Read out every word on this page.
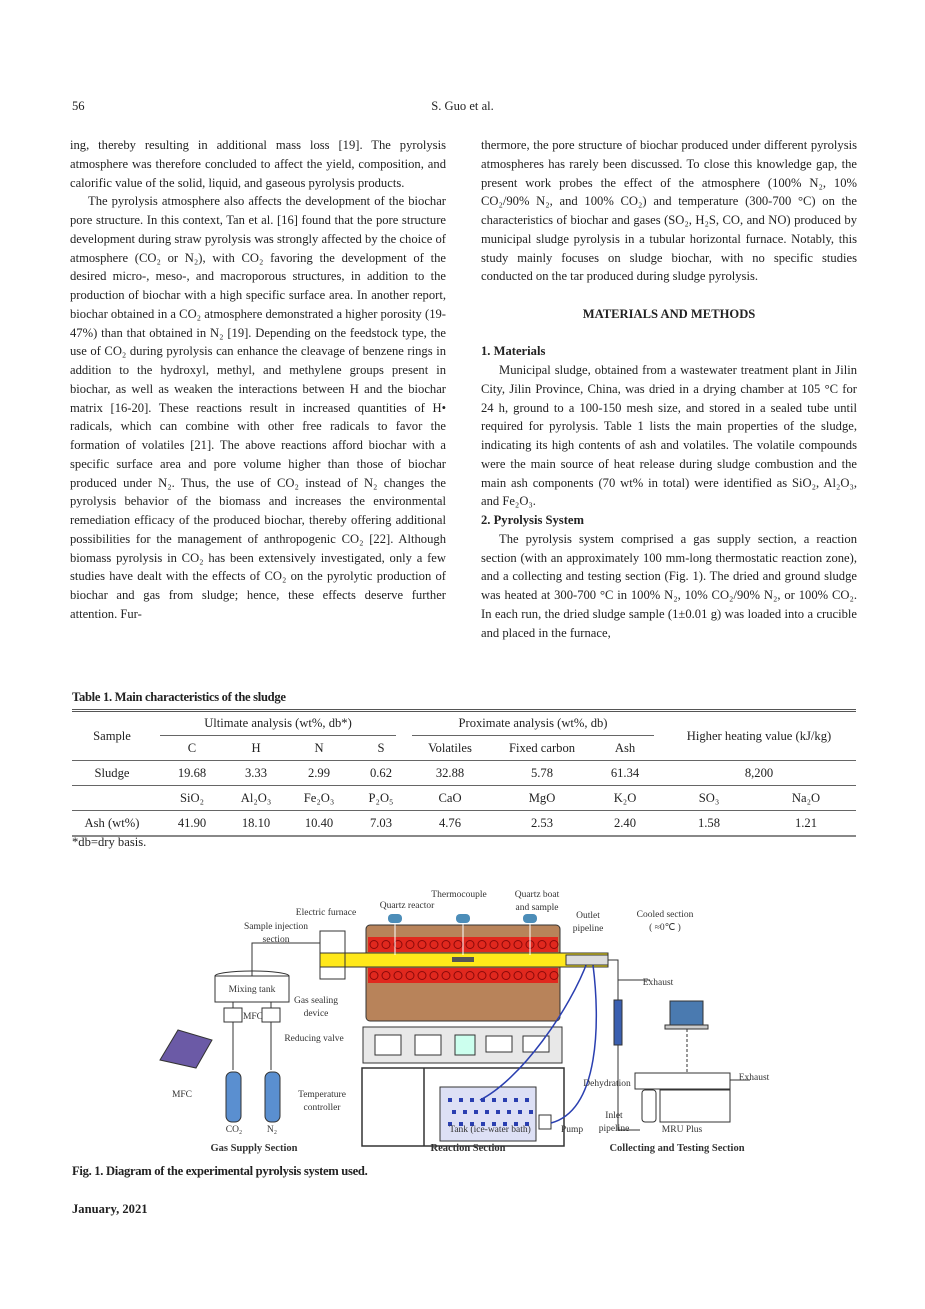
56	S. Guo et al.

ing, thereby resulting in additional mass loss [19]. The pyrolysis atmosphere was therefore concluded to affect the yield, composition, and calorific value of the solid, liquid, and gaseous pyrolysis products.

The pyrolysis atmosphere also affects the development of the biochar pore structure. In this context, Tan et al. [16] found that the pore structure development during straw pyrolysis was strongly affected by the choice of atmosphere (CO₂ or N₂), with CO₂ favoring the development of the desired micro-, meso-, and macroporous structures, in addition to the production of biochar with a high specific surface area. In another report, biochar obtained in a CO₂ atmosphere demonstrated a higher porosity (19-47%) than that obtained in N₂ [19]. Depending on the feedstock type, the use of CO₂ during pyrolysis can enhance the cleavage of benzene rings in addition to the hydroxyl, methyl, and methylene groups present in biochar, as well as weaken the interactions between H and the biochar matrix [16-20]. These reactions result in increased quantities of H• radicals, which can combine with other free radicals to favor the formation of volatiles [21]. The above reactions afford biochar with a specific surface area and pore volume higher than those of biochar produced under N₂. Thus, the use of CO₂ instead of N₂ changes the pyrolysis behavior of the biomass and increases the environmental remediation efficacy of the produced biochar, thereby offering additional possibilities for the management of anthropogenic CO₂ [22]. Although biomass pyrolysis in CO₂ has been extensively investigated, only a few studies have dealt with the effects of CO₂ on the pyrolytic production of biochar and gas from sludge; hence, these effects deserve further attention. Fur-

thermore, the pore structure of biochar produced under different pyrolysis atmospheres has rarely been discussed. To close this knowledge gap, the present work probes the effect of the atmosphere (100% N₂, 10% CO₂/90% N₂, and 100% CO₂) and temperature (300-700 °C) on the characteristics of biochar and gases (SO₂, H₂S, CO, and NO) produced by municipal sludge pyrolysis in a tubular horizontal furnace. Notably, this study mainly focuses on sludge biochar, with no specific studies conducted on the tar produced during sludge pyrolysis.

MATERIALS AND METHODS

1. Materials

Municipal sludge, obtained from a wastewater treatment plant in Jilin City, Jilin Province, China, was dried in a drying chamber at 105 °C for 24 h, ground to a 100-150 mesh size, and stored in a sealed tube until required for pyrolysis. Table 1 lists the main properties of the sludge, indicating its high contents of ash and volatiles. The volatile compounds were the main source of heat release during sludge combustion and the main ash components (70 wt% in total) were identified as SiO₂, Al₂O₃, and Fe₂O₃.

2. Pyrolysis System

The pyrolysis system comprised a gas supply section, a reaction section (with an approximately 100 mm-long thermostatic reaction zone), and a collecting and testing section (Fig. 1). The dried and ground sludge was heated at 300-700 °C in 100% N₂, 10% CO₂/90% N₂, or 100% CO₂. In each run, the dried sludge sample (1±0.01 g) was loaded into a crucible and placed in the furnace,

Table 1. Main characteristics of the sludge
Sample	Ultimate analysis (wt%, db*)				Proximate analysis (wt%, db)			Higher heating value (kJ/kg)	
	C	H	N	S	Volatiles	Fixed carbon	Ash		
Sludge	19.68	3.33	2.99	0.62	32.88	5.78	61.34	8,200	
	SiO₂	Al₂O₃	Fe₂O₃	P₂O₅	CaO	MgO	K₂O	SO₃	Na₂O
Ash (wt%)	41.90	18.10	10.40	7.03	4.76	2.53	2.40	1.58	1.21
*db=dry basis.
Thermocouple	Quartz boat
and sample
Quartz reactor
Electric furnace	Outlet
pipeline
Cooled section
( ≈0℃ )
Sample injection
section
Mixing tank
Gas sealing
device
MFC
Reducing valve
Exhaust
MFC	Temperature
controller
Dehydration
Exhaust
Inlet
pipeline
CO₂	N₂	Tank (ice-water bath)	Pump	MRU Plus
Gas Supply Section	Reaction Section	Collecting and Testing Section
Fig. 1. Diagram of the experimental pyrolysis system used.
January, 2021
